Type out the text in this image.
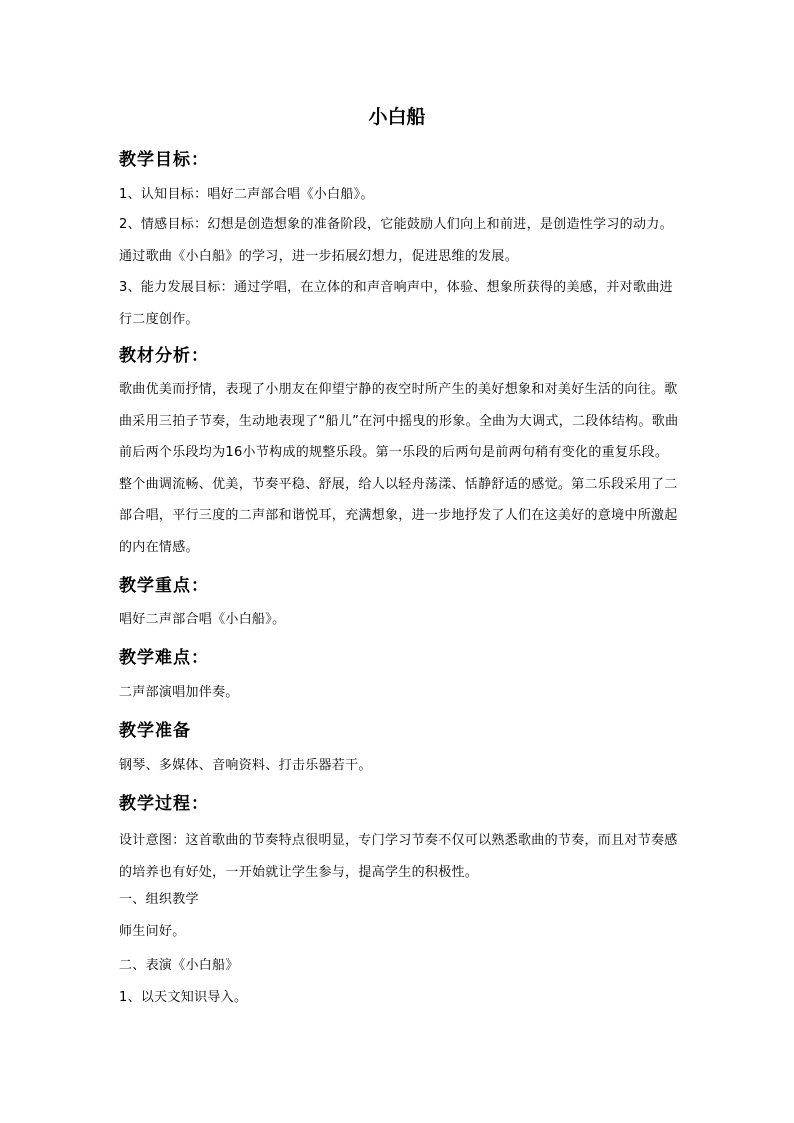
小白船
教学目标：
1、认知目标：唱好二声部合唱《小白船》。
2、情感目标：幻想是创造想象的准备阶段，它能鼓励人们向上和前进，是创造性学习的动力。通过歌曲《小白船》的学习，进一步拓展幻想力，促进思维的发展。
3、能力发展目标：通过学唱，在立体的和声音响声中，体验、想象所获得的美感，并对歌曲进行二度创作。
教材分析：
歌曲优美而抒情，表现了小朋友在仰望宁静的夜空时所产生的美好想象和对美好生活的向往。歌曲采用三拍子节奏，生动地表现了“船儿”在河中摇曳的形象。全曲为大调式，二段体结构。歌曲前后两个乐段均为16小节构成的规整乐段。第一乐段的后两句是前两句稍有变化的重复乐段。整个曲调流畅、优美，节奏平稳、舒展，给人以轻舟荡漾、恬静舒适的感觉。第二乐段采用了二部合唱，平行三度的二声部和谐悦耳，充满想象，进一步地抒发了人们在这美好的意境中所激起的内在情感。
教学重点：
唱好二声部合唱《小白船》。
教学难点：
二声部演唱加伴奏。
教学准备
钢琴、多媒体、音响资料、打击乐器若干。
教学过程：
设计意图：这首歌曲的节奏特点很明显，专门学习节奏不仅可以熟悉歌曲的节奏，而且对节奏感的培养也有好处，一开始就让学生参与，提高学生的积极性。
一、组织教学
师生问好。
二、表演《小白船》
1、以天文知识导入。
